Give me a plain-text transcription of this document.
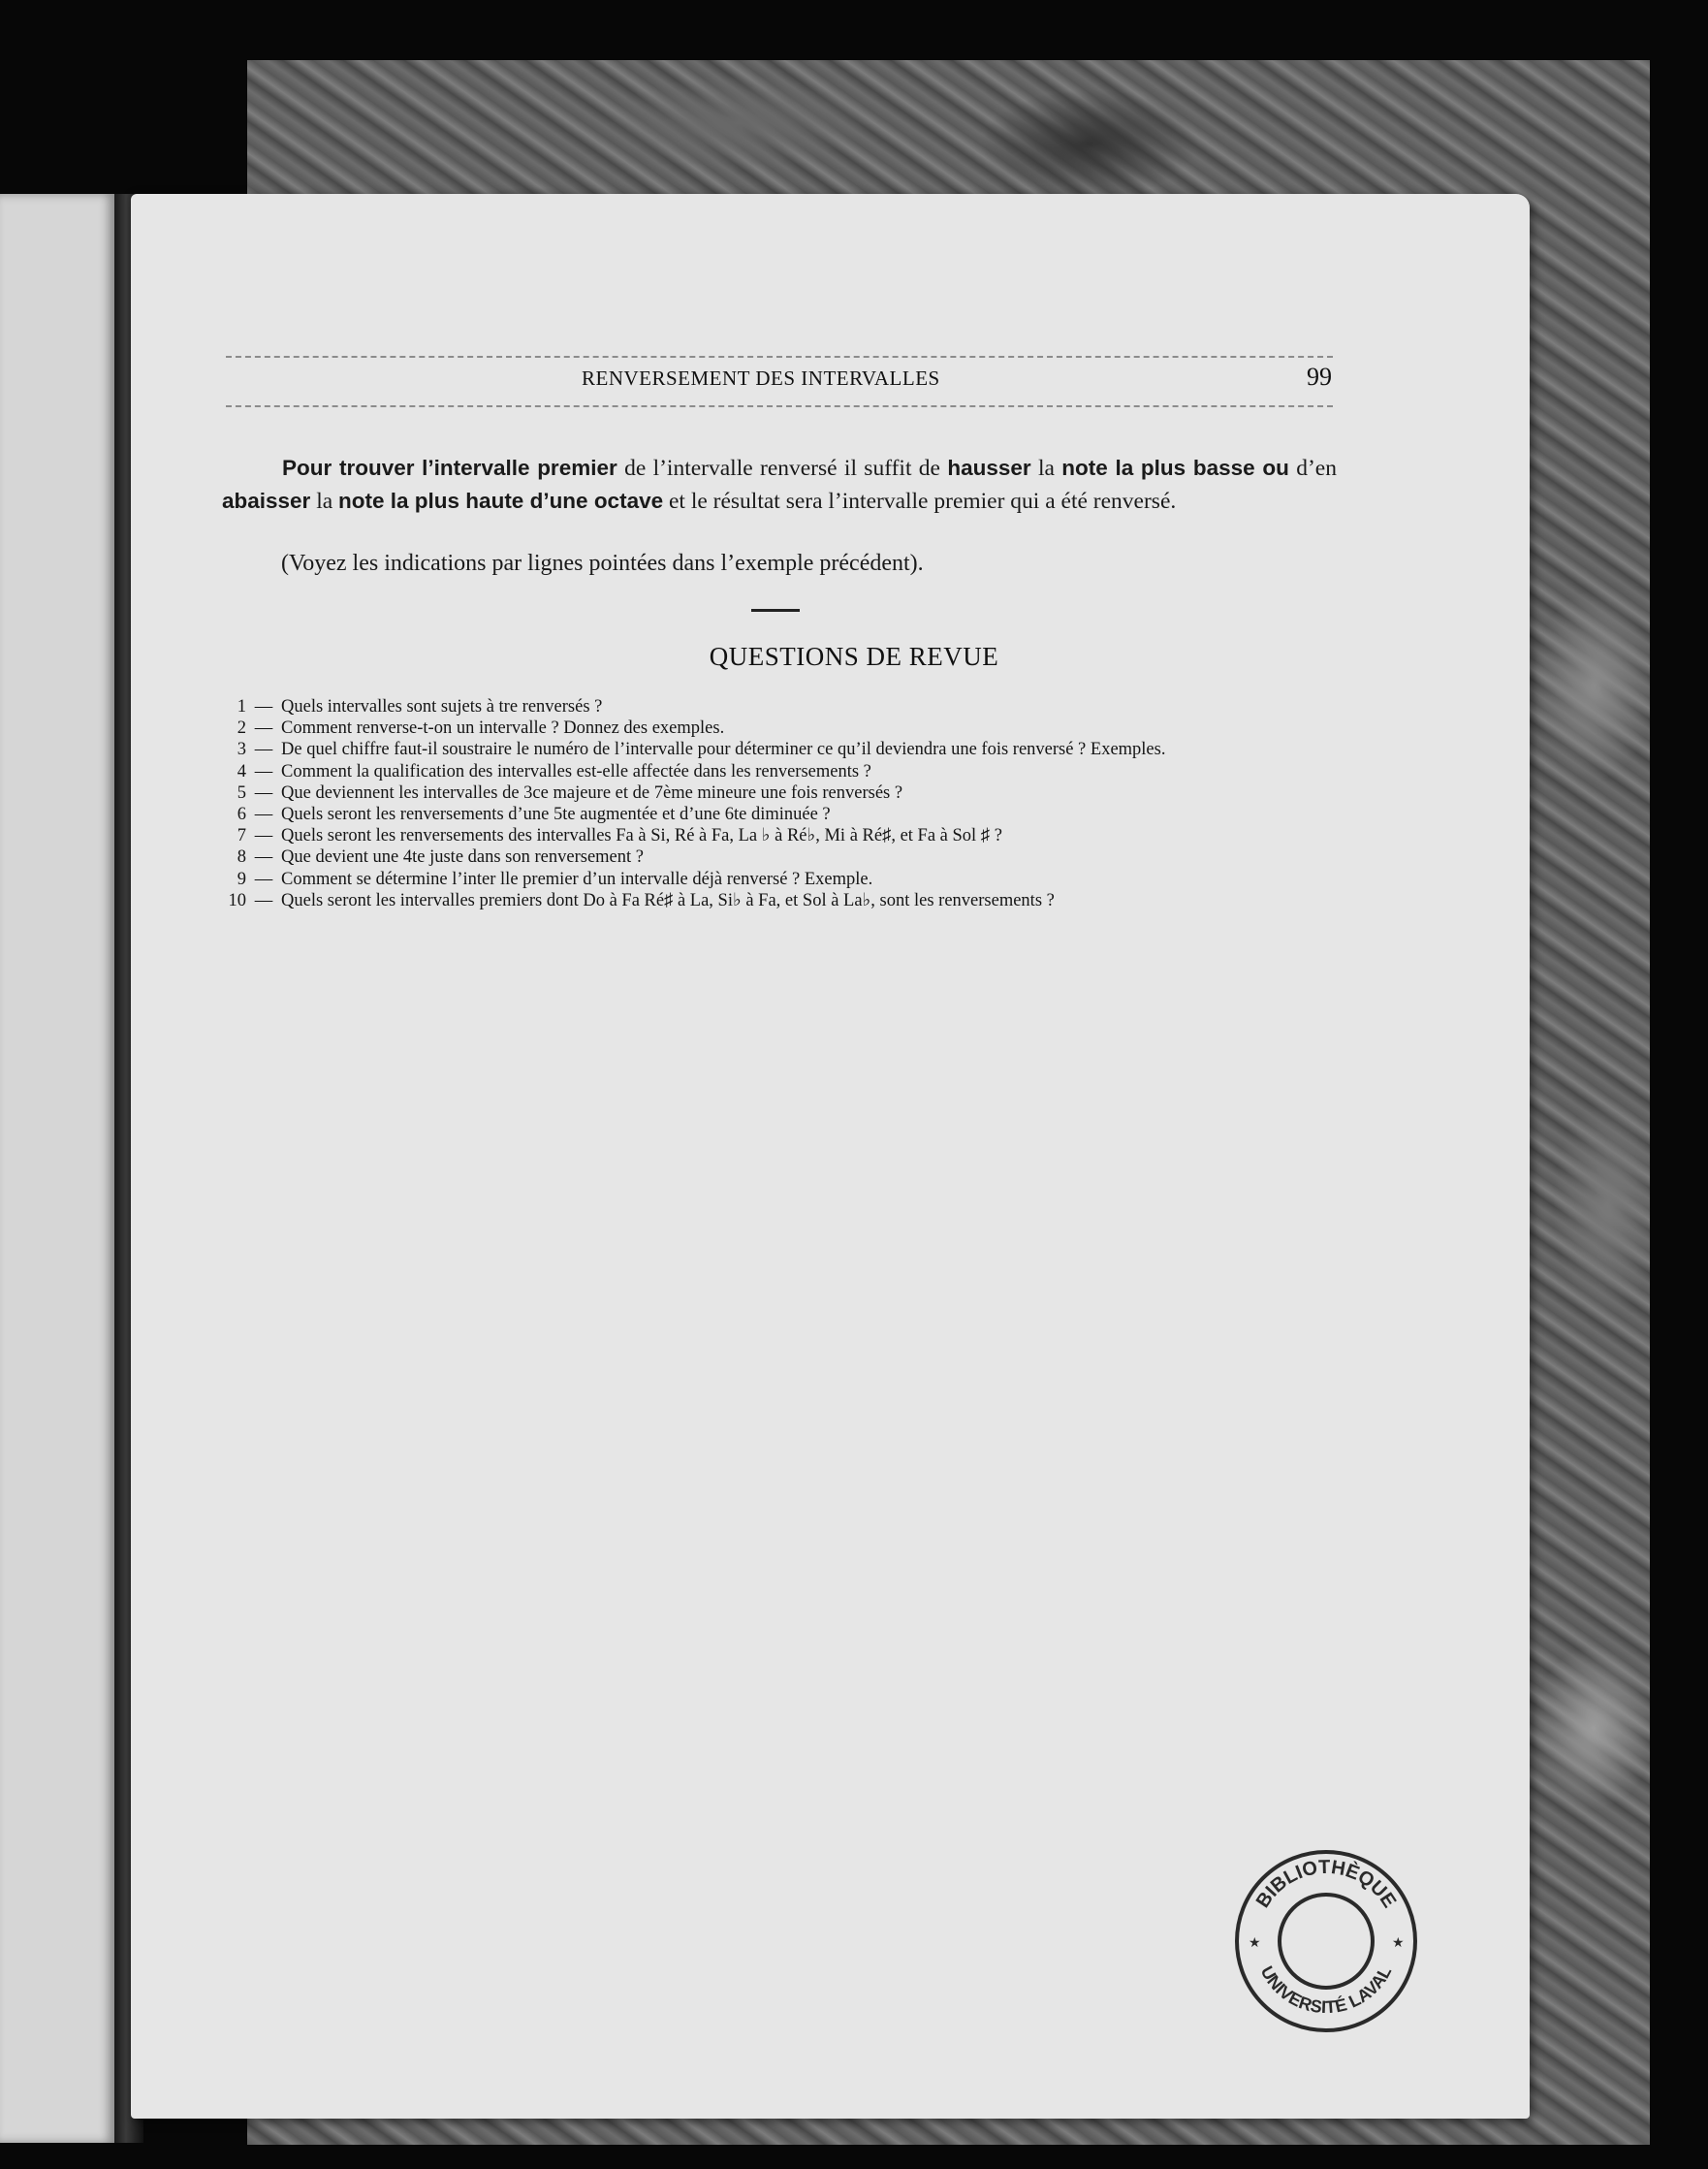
RENVERSEMENT DES INTERVALLES	99
Pour trouver l’intervalle premier de l’intervalle renversé il suffit de hausser la note la plus basse ou d’en abaisser la note la plus haute d’une octave et le résultat sera l’intervalle premier qui a été renversé.
(Voyez les indications par lignes pointées dans l’exemple précédent).
QUESTIONS DE REVUE
1 — Quels intervalles sont sujets à tre renversés ?
2 — Comment renverse-t-on un intervalle ? Donnez des exemples.
3 — De quel chiffre faut-il soustraire le numéro de l’intervalle pour déterminer ce qu’il deviendra une fois renversé ? Exemples.
4 — Comment la qualification des intervalles est-elle affectée dans les renversements ?
5 — Que deviennent les intervalles de 3ce majeure et de 7ème mineure une fois renversés ?
6 — Quels seront les renversements d’une 5te augmentée et d’une 6te diminuée ?
7 — Quels seront les renversements des intervalles Fa à Si, Ré à Fa, La ♭ à Ré♭, Mi à Ré♯, et Fa à Sol ♯ ?
8 — Que devient une 4te juste dans son renversement ?
9 — Comment se détermine l’inter lle premier d’un intervalle déjà renversé ? Exemple.
10 — Quels seront les intervalles premiers dont Do à Fa Ré♯ à La, Si♭ à Fa, et Sol à La♭, sont les renversements ?
BIBLIOTHÈQUE
UNIVERSITÉ LAVAL
★	★
